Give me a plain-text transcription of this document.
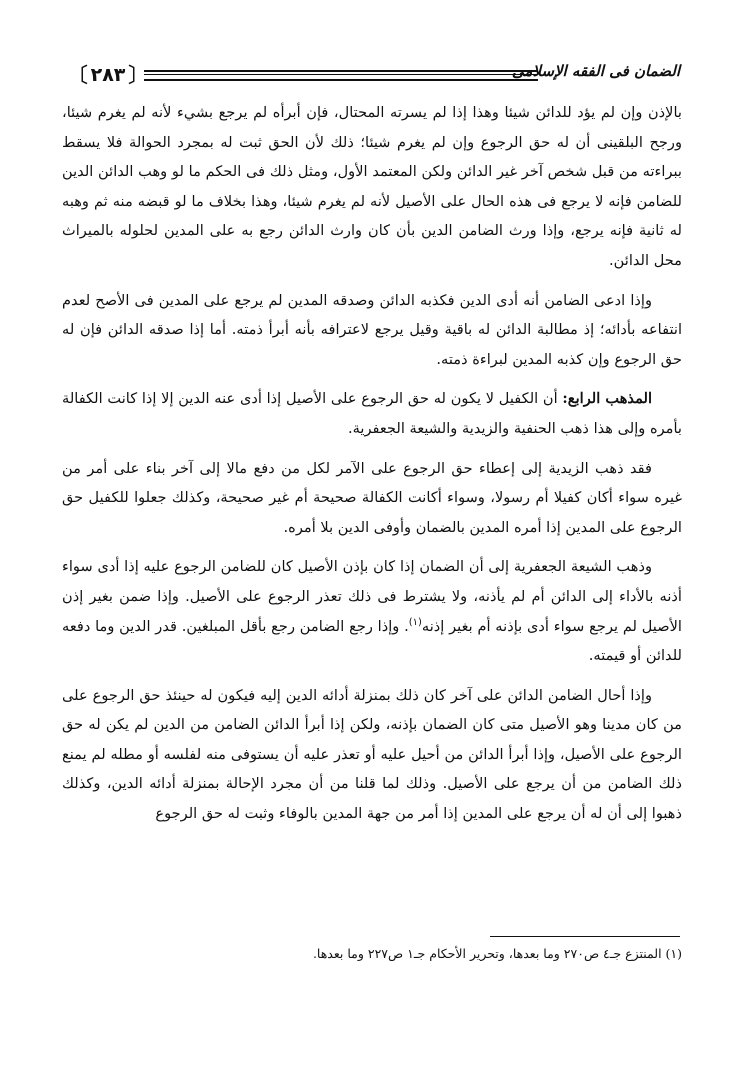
〔 ٢٨٣ 〕	الضمان فى الفقه الإسلامى

بالإذن وإن لم يؤد للدائن شيئا وهذا إذا لم يسرته المحتال، فإن أبرأه لم يرجع بشيء لأنه لم يغرم شيئا، ورجح البلقينى أن له حق الرجوع وإن لم يغرم شيئا؛ ذلك لأن الحق ثبت له بمجرد الحوالة فلا يسقط ببراءته من قبل شخص آخر غير الدائن ولكن المعتمد الأول، ومثل ذلك فى الحكم ما لو وهب الدائن الدين للضامن فإنه لا يرجع فى هذه الحال على الأصيل لأنه لم يغرم شيئا، وهذا بخلاف ما لو قبضه منه ثم وهبه له ثانية فإنه يرجع، وإذا ورث الضامن الدين بأن كان وارث الدائن رجع به على المدين لحلوله بالميراث محل الدائن.

وإذا ادعى الضامن أنه أدى الدين فكذبه الدائن وصدقه المدين لم يرجع على المدين فى الأصح لعدم انتفاعه بأدائه؛ إذ مطالبة الدائن له باقية وقيل يرجع لاعترافه بأنه أبرأ ذمته. أما إذا صدقه الدائن فإن له حق الرجوع وإن كذبه المدين لبراءة ذمته.

المذهب الرابع: أن الكفيل لا يكون له حق الرجوع على الأصيل إذا أدى عنه الدين إلا إذا كانت الكفالة بأمره وإلى هذا ذهب الحنفية والزيدية والشيعة الجعفرية.

فقد ذهب الزيدية إلى إعطاء حق الرجوع على الآمر لكل من دفع مالا إلى آخر بناء على أمر من غيره سواء أكان كفيلا أم رسولا، وسواء أكانت الكفالة صحيحة أم غير صحيحة، وكذلك جعلوا للكفيل حق الرجوع على المدين إذا أمره المدين بالضمان وأوفى الدين بلا أمره.

وذهب الشيعة الجعفرية إلى أن الضمان إذا كان بإذن الأصيل كان للضامن الرجوع عليه إذا أدى سواء أذنه بالأداء إلى الدائن أم لم يأذنه، ولا يشترط فى ذلك تعذر الرجوع على الأصيل. وإذا ضمن بغير إذن الأصيل لم يرجع سواء أدى بإذنه أم بغير إذنه$^{(١)}$. وإذا رجع الضامن رجع بأقل المبلغين. قدر الدين وما دفعه للدائن أو قيمته.

وإذا أحال الضامن الدائن على آخر كان ذلك بمنزلة أدائه الدين إليه فيكون له حينئذ حق الرجوع على من كان مدينا وهو الأصيل متى كان الضمان بإذنه، ولكن إذا أبرأ الدائن الضامن من الدين لم يكن له حق الرجوع على الأصيل، وإذا أبرأ الدائن من أحيل عليه أو تعذر عليه أن يستوفى منه لفلسه أو مطله لم يمنع ذلك الضامن من أن يرجع على الأصيل. وذلك لما قلنا من أن مجرد الإحالة بمنزلة أدائه الدين، وكذلك ذهبوا إلى أن له أن يرجع على المدين إذا أمر من جهة المدين بالوفاء وثبت له حق الرجوع

(١) المنتزع جـ٤ ص٢٧٠ وما بعدها، وتحرير الأحكام جـ١ ص٢٢٧ وما بعدها.
